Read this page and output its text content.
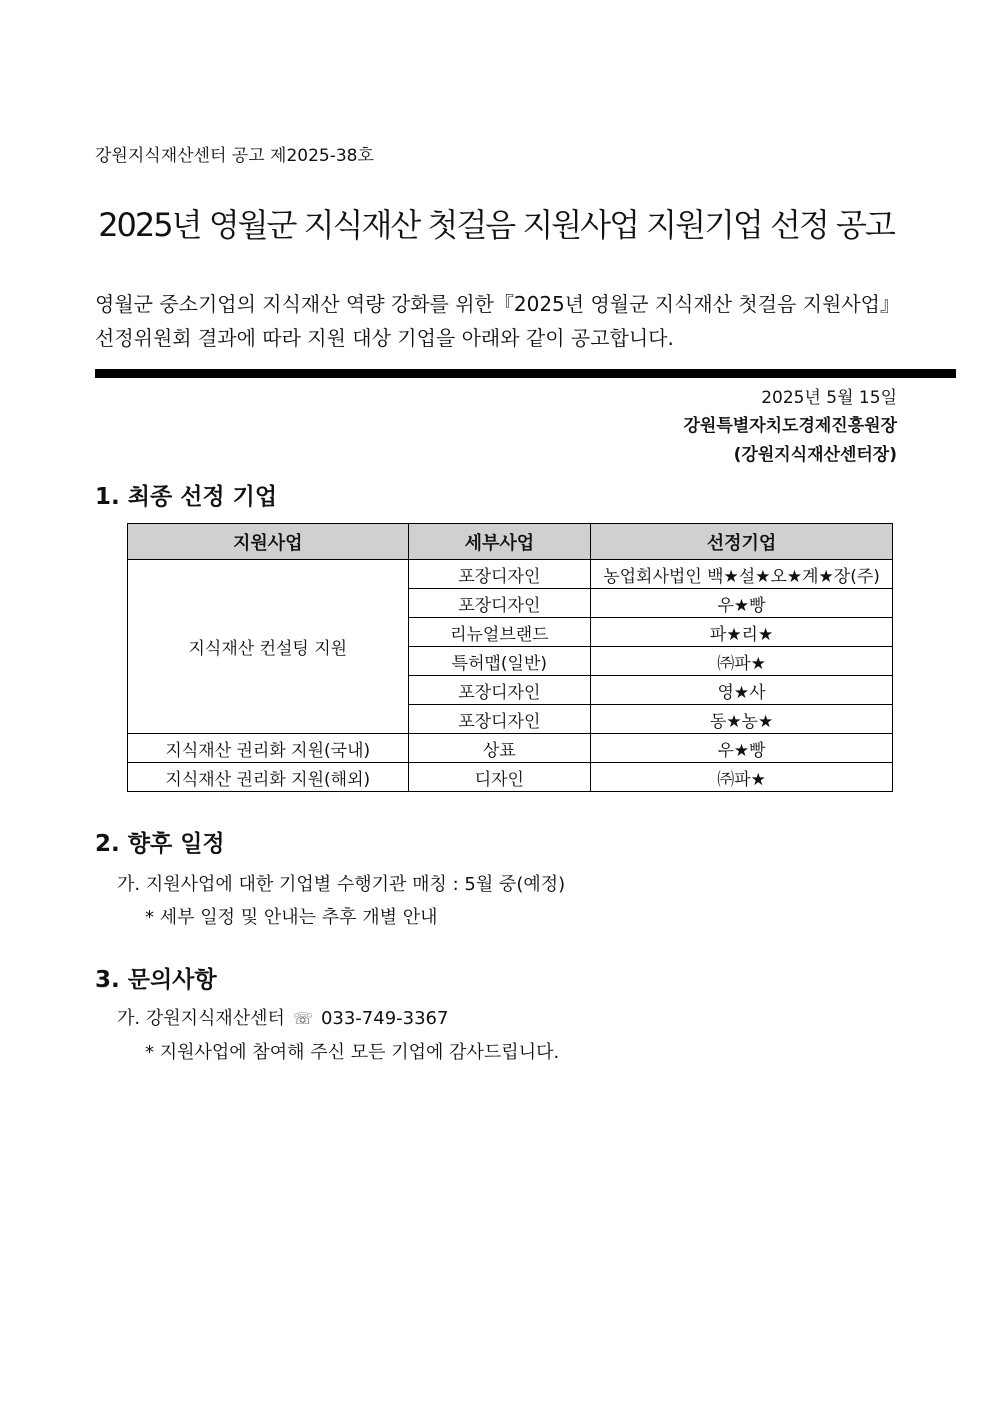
강원지식재산센터 공고 제2025-38호
2025년 영월군 지식재산 첫걸음 지원사업 지원기업 선정 공고

영월군 중소기업의 지식재산 역량 강화를 위한『2025년 영월군 지식재산 첫걸음 지원사업』

선정위원회 결과에 따라 지원 대상 기업을 아래와 같이 공고합니다.

2025년 5월 15일
강원특별자치도경제진흥원장
(강원지식재산센터장)
1. 최종 선정 기업
지원사업	세부사업	선정기업
지식재산 컨설팅 지원	포장디자인	농업회사법인 백★설★오★계★장(주)
	포장디자인	우★빵
	리뉴얼브랜드	파★리★
	특허맵(일반)	㈜파★
	포장디자인	영★사
	포장디자인	동★농★
지식재산 권리화 지원(국내)	상표	우★빵
지식재산 권리화 지원(해외)	디자인	㈜파★
2. 향후 일정
가. 지원사업에 대한 기업별 수행기관 매칭 : 5월 중(예정)
* 세부 일정 및 안내는 추후 개별 안내
3. 문의사항
가. 강원지식재산센터 ☏ 033-749-3367
* 지원사업에 참여해 주신 모든 기업에 감사드립니다.
